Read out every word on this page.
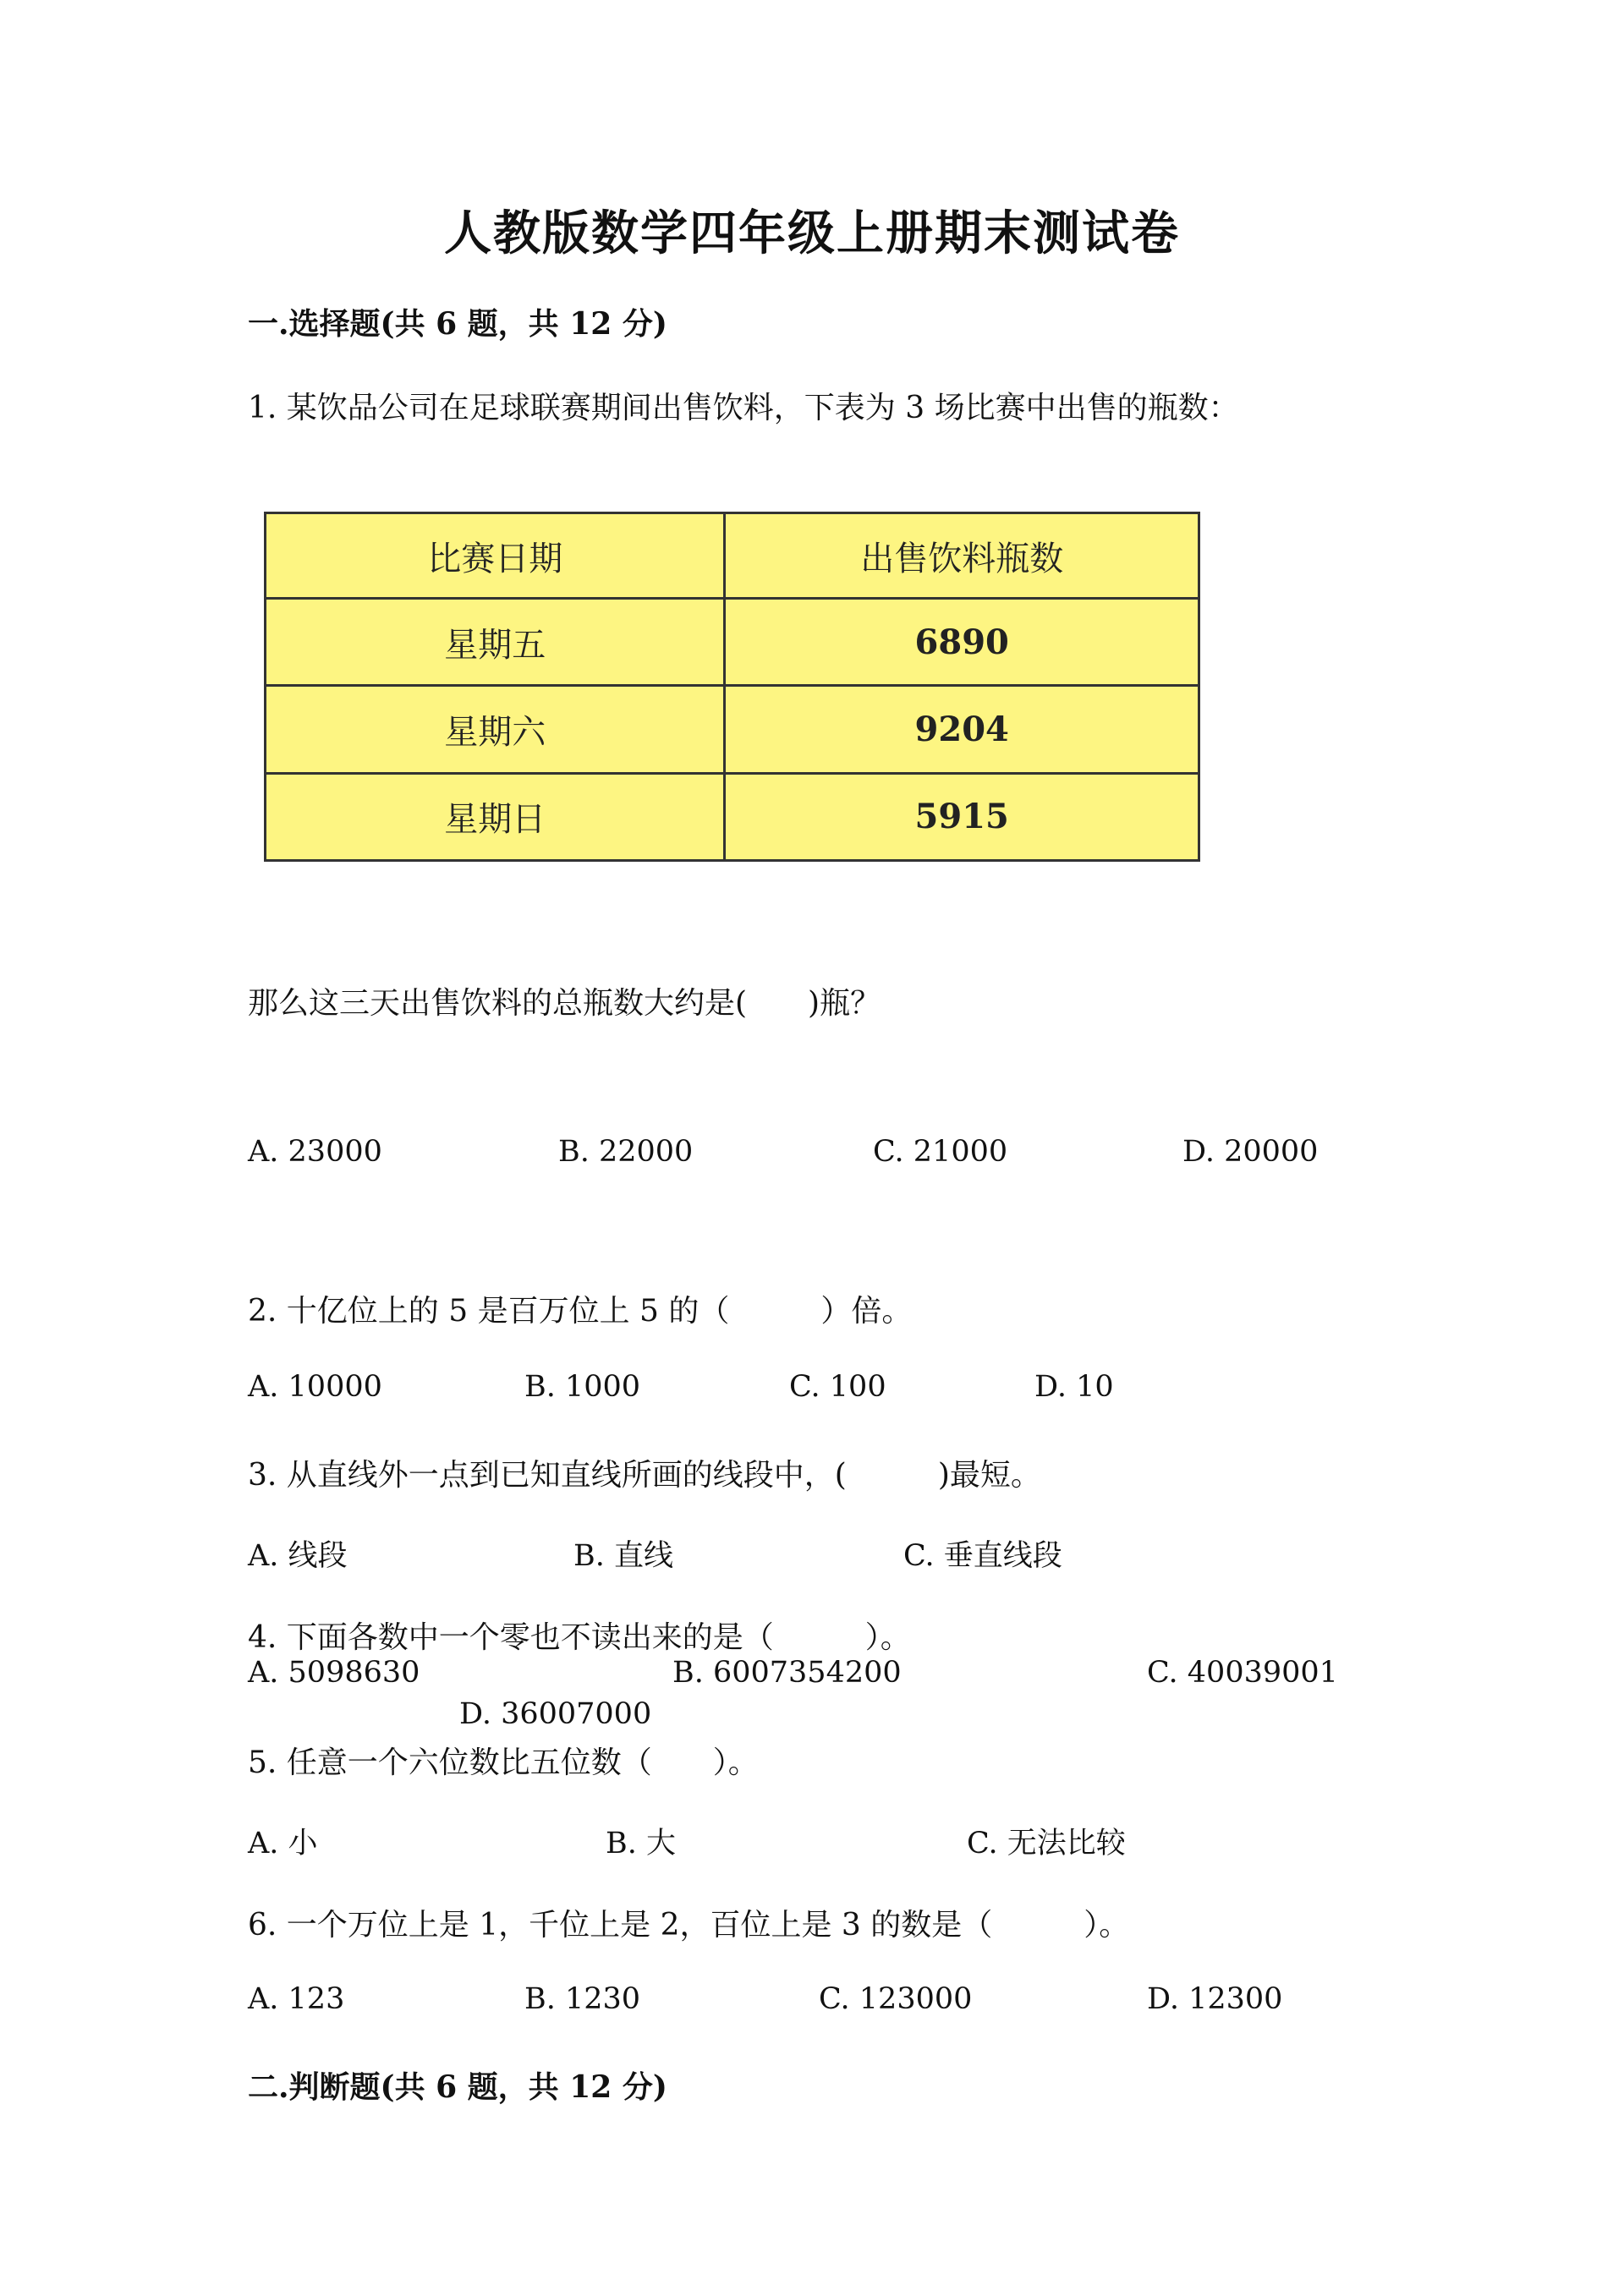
人教版数学四年级上册期末测试卷
一.选择题(共 6 题，共 12 分)
1. 某饮品公司在足球联赛期间出售饮料，下表为 3 场比赛中出售的瓶数：
比赛日期	出售饮料瓶数
星期五	6890
星期六	9204
星期日	5915
那么这三天出售饮料的总瓶数大约是(　　)瓶？
A. 23000	B. 22000	C. 21000	D. 20000
2. 十亿位上的 5 是百万位上 5 的（　　　）倍。
A. 10000	B. 1000	C. 100	D. 10
3. 从直线外一点到已知直线所画的线段中，(　　　)最短。
A. 线段	B. 直线	C. 垂直线段
4. 下面各数中一个零也不读出来的是（　　　）。
A. 5098630	B. 6007354200	C. 40039001
D. 36007000
5. 任意一个六位数比五位数（　　）。
A. 小	B. 大	C. 无法比较
6. 一个万位上是 1，千位上是 2，百位上是 3 的数是（　　　）。
A. 123	B. 1230	C. 123000	D. 12300
二.判断题(共 6 题，共 12 分)
